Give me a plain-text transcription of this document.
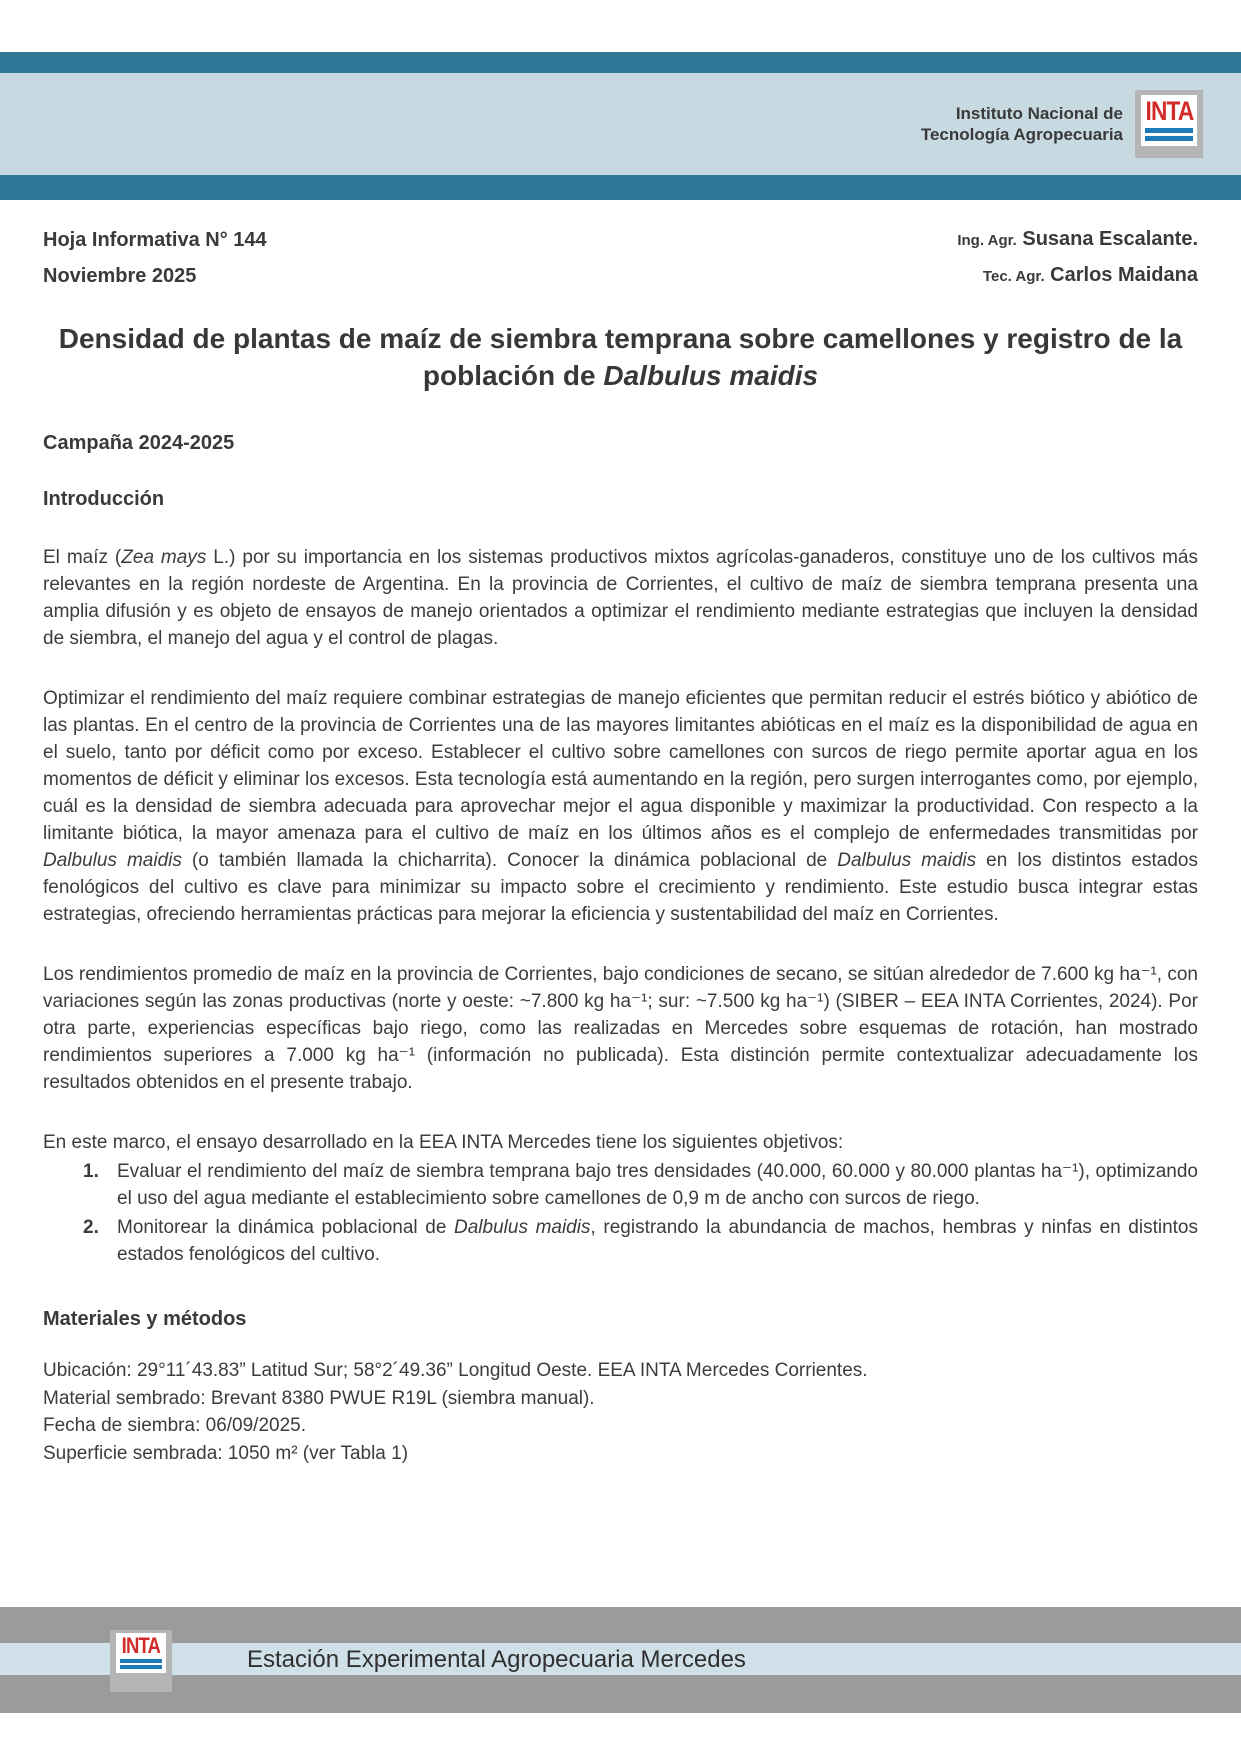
Instituto Nacional de
Tecnología Agropecuaria
INTA
Hoja Informativa N° 144
Noviembre 2025
Ing. Agr. Susana Escalante.
Tec. Agr. Carlos Maidana
Densidad de plantas de maíz de siembra temprana sobre camellones y registro de la población de Dalbulus maidis
Campaña 2024-2025
Introducción

El maíz (Zea mays L.) por su importancia en los sistemas productivos mixtos agrícolas-ganaderos, constituye uno de los cultivos más relevantes en la región nordeste de Argentina. En la provincia de Corrientes, el cultivo de maíz de siembra temprana presenta una amplia difusión y es objeto de ensayos de manejo orientados a optimizar el rendimiento mediante estrategias que incluyen la densidad de siembra, el manejo del agua y el control de plagas.

Optimizar el rendimiento del maíz requiere combinar estrategias de manejo eficientes que permitan reducir el estrés biótico y abiótico de las plantas. En el centro de la provincia de Corrientes una de las mayores limitantes abióticas en el maíz es la disponibilidad de agua en el suelo, tanto por déficit como por exceso. Establecer el cultivo sobre camellones con surcos de riego permite aportar agua en los momentos de déficit y eliminar los excesos. Esta tecnología está aumentando en la región, pero surgen interrogantes como, por ejemplo, cuál es la densidad de siembra adecuada para aprovechar mejor el agua disponible y maximizar la productividad. Con respecto a la limitante biótica, la mayor amenaza para el cultivo de maíz en los últimos años es el complejo de enfermedades transmitidas por Dalbulus maidis (o también llamada la chicharrita). Conocer la dinámica poblacional de Dalbulus maidis en los distintos estados fenológicos del cultivo es clave para minimizar su impacto sobre el crecimiento y rendimiento. Este estudio busca integrar estas estrategias, ofreciendo herramientas prácticas para mejorar la eficiencia y sustentabilidad del maíz en Corrientes.

Los rendimientos promedio de maíz en la provincia de Corrientes, bajo condiciones de secano, se sitúan alrededor de 7.600 kg ha⁻¹, con variaciones según las zonas productivas (norte y oeste: ~7.800 kg ha⁻¹; sur: ~7.500 kg ha⁻¹) (SIBER – EEA INTA Corrientes, 2024). Por otra parte, experiencias específicas bajo riego, como las realizadas en Mercedes sobre esquemas de rotación, han mostrado rendimientos superiores a 7.000 kg ha⁻¹ (información no publicada). Esta distinción permite contextualizar adecuadamente los resultados obtenidos en el presente trabajo.

En este marco, el ensayo desarrollado en la EEA INTA Mercedes tiene los siguientes objetivos:

1. Evaluar el rendimiento del maíz de siembra temprana bajo tres densidades (40.000, 60.000 y 80.000 plantas ha⁻¹), optimizando el uso del agua mediante el establecimiento sobre camellones de 0,9 m de ancho con surcos de riego.
2. Monitorear la dinámica poblacional de Dalbulus maidis, registrando la abundancia de machos, hembras y ninfas en distintos estados fenológicos del cultivo.
Materiales y métodos
Ubicación: 29°11´43.83” Latitud Sur; 58°2´49.36” Longitud Oeste. EEA INTA Mercedes Corrientes.
Material sembrado: Brevant 8380 PWUE R19L (siembra manual).
Fecha de siembra: 06/09/2025.
Superficie sembrada: 1050 m² (ver Tabla 1)
INTA
Estación Experimental Agropecuaria Mercedes
